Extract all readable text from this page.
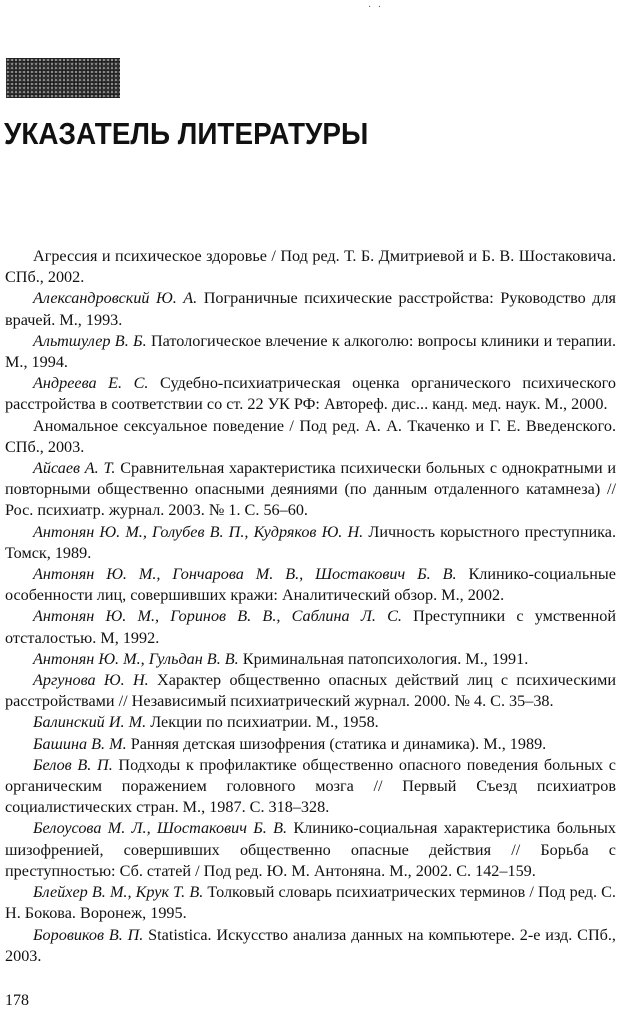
· ·
УКАЗАТЕЛЬ ЛИТЕРАТУРЫ

Агрессия и психическое здоровье / Под ред. Т. Б. Дмитриевой и Б. В. Шостаковича. СПб., 2002.

Александровский Ю. А. Пограничные психические расстройства: Руководство для врачей. М., 1993.

Альтшулер В. Б. Патологическое влечение к алкоголю: вопросы клиники и терапии. М., 1994.

Андреева Е. С. Судебно-психиатрическая оценка органического психического расстройства в соответствии со ст. 22 УК РФ: Автореф. дис... канд. мед. наук. М., 2000.

Аномальное сексуальное поведение / Под ред. А. А. Ткаченко и Г. Е. Введенского. СПб., 2003.

Айсаев А. Т. Сравнительная характеристика психически больных с однократными и повторными общественно опасными деяниями (по данным отдаленного катамнеза) // Рос. психиатр. журнал. 2003. № 1. С. 56–60.

Антонян Ю. М., Голубев В. П., Кудряков Ю. Н. Личность корыстного преступника. Томск, 1989.

Антонян Ю. М., Гончарова М. В., Шостакович Б. В. Клинико-социальные особенности лиц, совершивших кражи: Аналитический обзор. М., 2002.

Антонян Ю. М., Горинов В. В., Саблина Л. С. Преступники с умственной отсталостью. М, 1992.

Антонян Ю. М., Гульдан В. В. Криминальная патопсихология. М., 1991.

Аргунова Ю. Н. Характер общественно опасных действий лиц с психическими расстройствами // Независимый психиатрический журнал. 2000. № 4. С. 35–38.

Балинский И. М. Лекции по психиатрии. М., 1958.

Башина В. М. Ранняя детская шизофрения (статика и динамика). М., 1989.

Белов В. П. Подходы к профилактике общественно опасного поведения больных с органическим поражением головного мозга // Первый Съезд психиатров социалистических стран. М., 1987. С. 318–328.

Белоусова М. Л., Шостакович Б. В. Клинико-социальная характеристика больных шизофренией, совершивших общественно опасные действия // Борьба с преступностью: Сб. статей / Под ред. Ю. М. Антоняна. М., 2002. С. 142–159.

Блейхер В. М., Крук Т. В. Толковый словарь психиатрических терминов / Под ред. С. Н. Бокова. Воронеж, 1995.

Боровиков В. П. Statistica. Искусство анализа данных на компьютере. 2-е изд. СПб., 2003.

178
